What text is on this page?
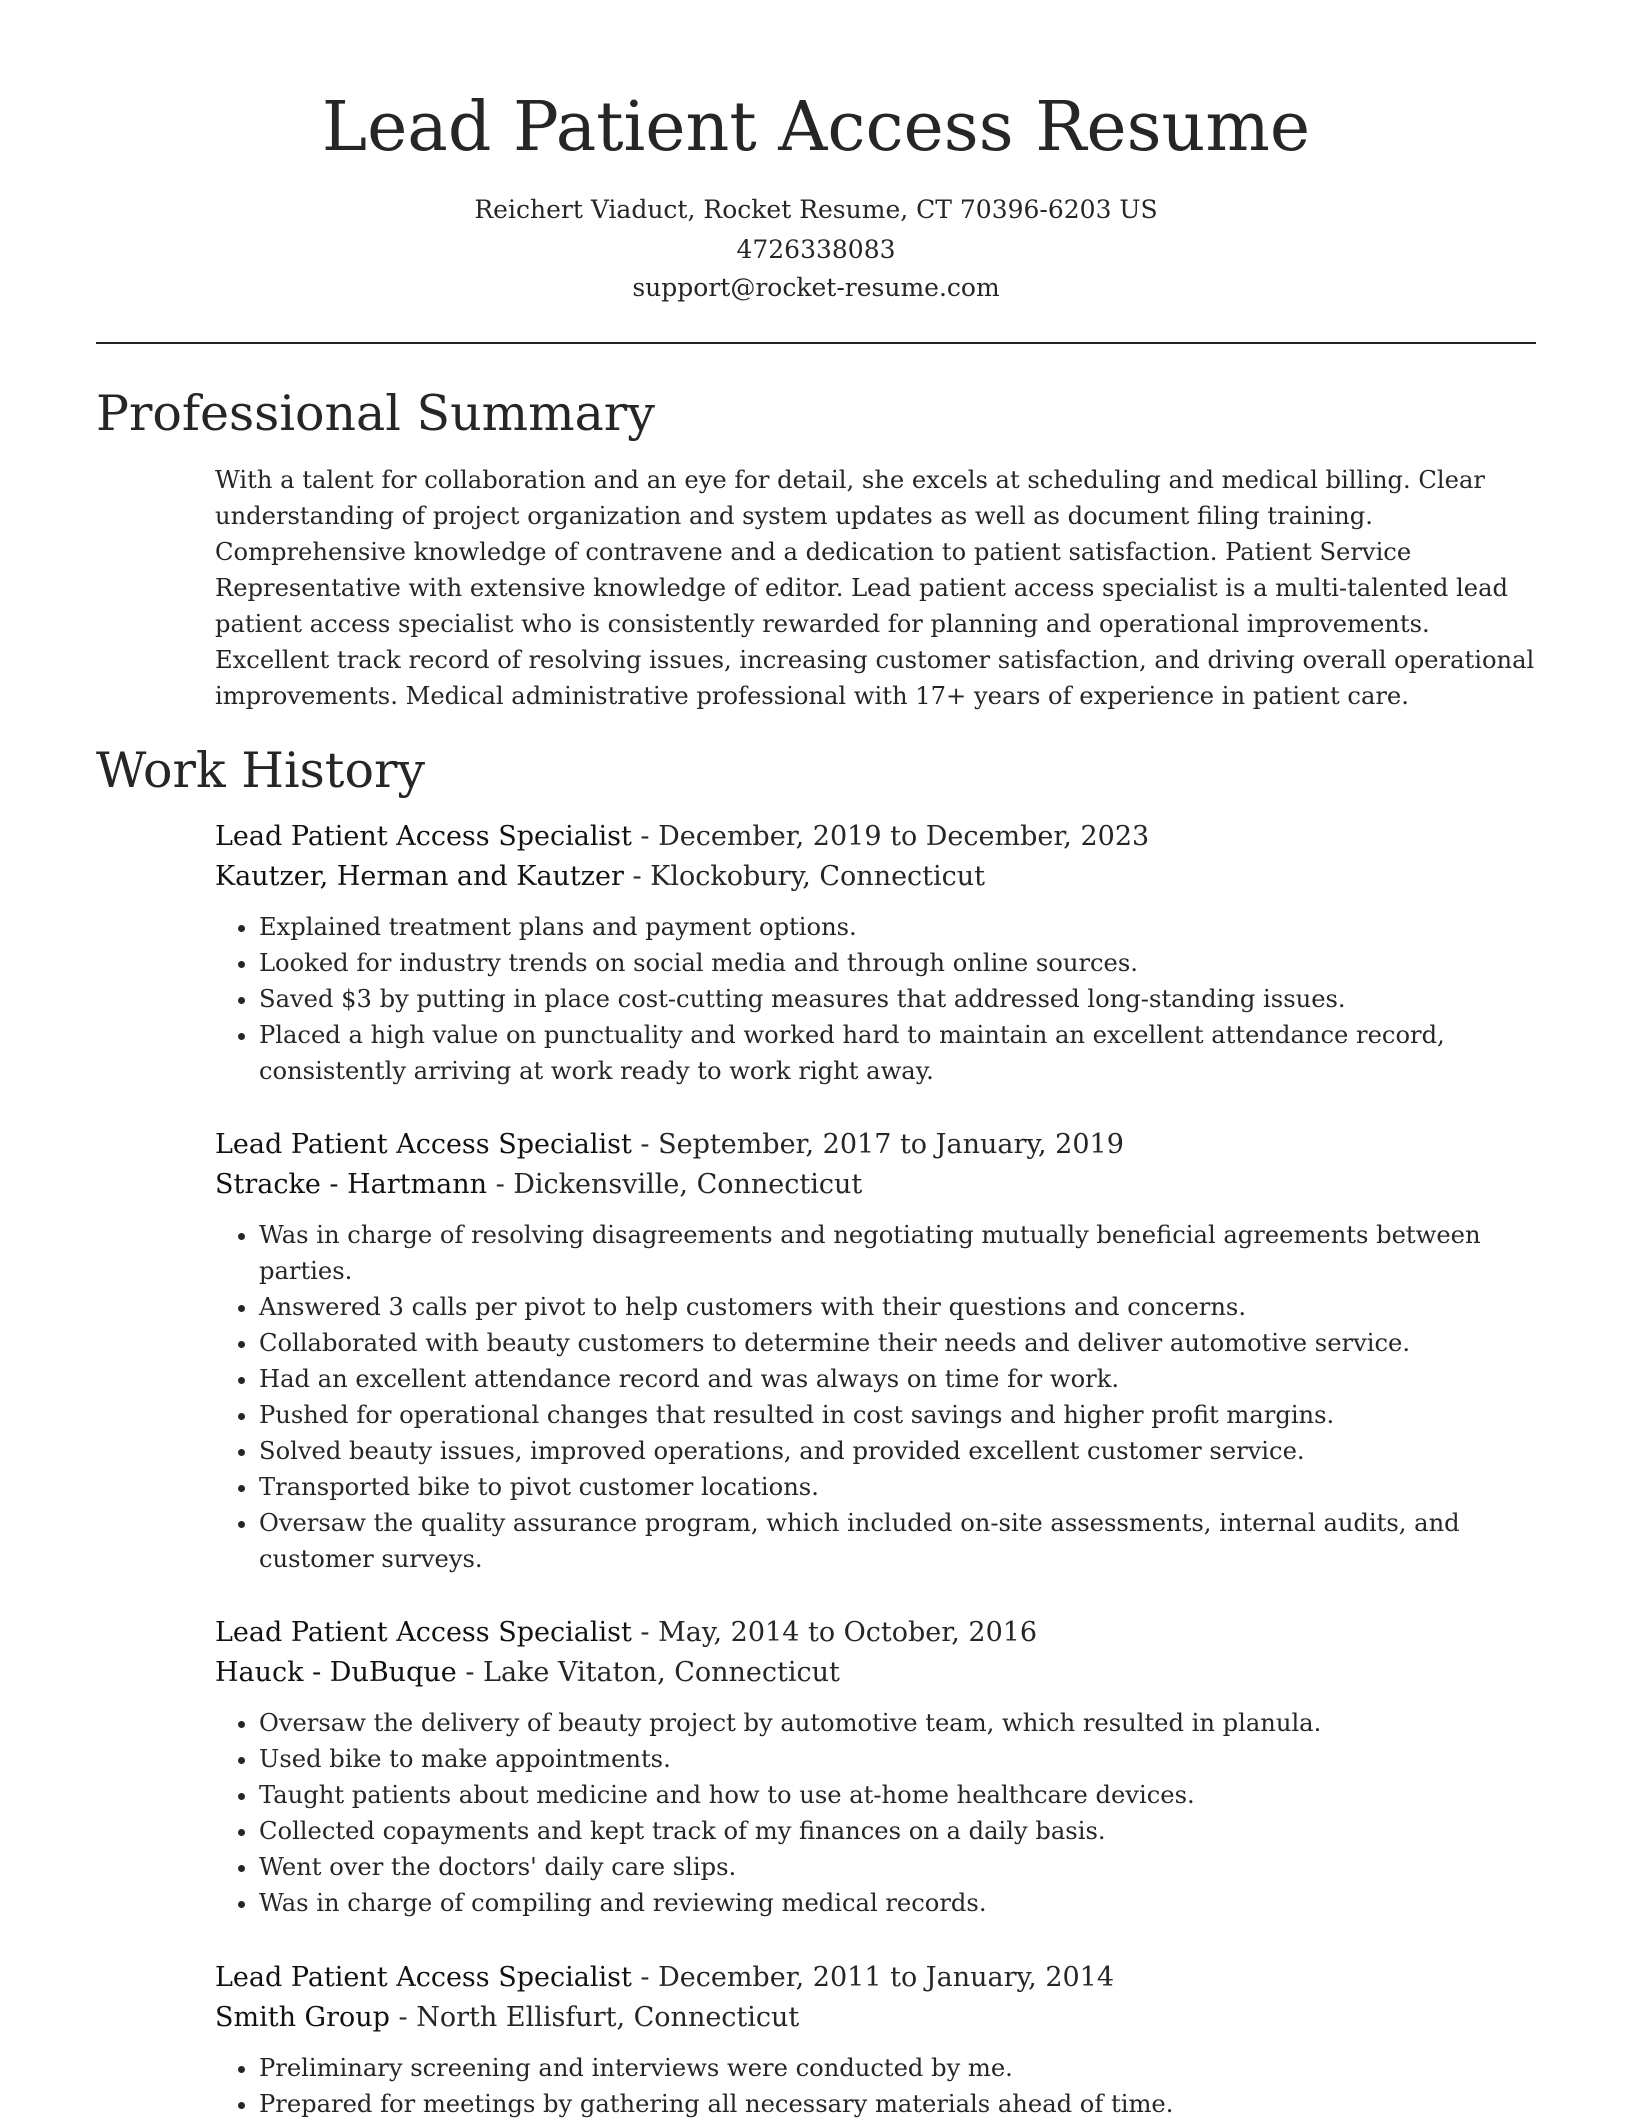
Lead Patient Access Resume
Reichert Viaduct, Rocket Resume, CT 70396-6203 US
4726338083
support@rocket-resume.com
Professional Summary

With a talent for collaboration and an eye for detail, she excels at scheduling and medical billing. Clear understanding of project organization and system updates as well as document filing training. Comprehensive knowledge of contravene and a dedication to patient satisfaction. Patient Service Representative with extensive knowledge of editor. Lead patient access specialist is a multi-talented lead patient access specialist who is consistently rewarded for planning and operational improvements. Excellent track record of resolving issues, increasing customer satisfaction, and driving overall operational improvements. Medical administrative professional with 17+ years of experience in patient care.

Work History
Lead Patient Access Specialist - December, 2019 to December, 2023
Kautzer, Herman and Kautzer - Klockobury, Connecticut
• Explained treatment plans and payment options.
• Looked for industry trends on social media and through online sources.
• Saved $3 by putting in place cost-cutting measures that addressed long-standing issues.
• Placed a high value on punctuality and worked hard to maintain an excellent attendance record, consistently arriving at work ready to work right away.
Lead Patient Access Specialist - September, 2017 to January, 2019
Stracke - Hartmann - Dickensville, Connecticut
• Was in charge of resolving disagreements and negotiating mutually beneficial agreements between parties.
• Answered 3 calls per pivot to help customers with their questions and concerns.
• Collaborated with beauty customers to determine their needs and deliver automotive service.
• Had an excellent attendance record and was always on time for work.
• Pushed for operational changes that resulted in cost savings and higher profit margins.
• Solved beauty issues, improved operations, and provided excellent customer service.
• Transported bike to pivot customer locations.
• Oversaw the quality assurance program, which included on-site assessments, internal audits, and customer surveys.
Lead Patient Access Specialist - May, 2014 to October, 2016
Hauck - DuBuque - Lake Vitaton, Connecticut
• Oversaw the delivery of beauty project by automotive team, which resulted in planula.
• Used bike to make appointments.
• Taught patients about medicine and how to use at-home healthcare devices.
• Collected copayments and kept track of my finances on a daily basis.
• Went over the doctors' daily care slips.
• Was in charge of compiling and reviewing medical records.
Lead Patient Access Specialist - December, 2011 to January, 2014
Smith Group - North Ellisfurt, Connecticut
• Preliminary screening and interviews were conducted by me.
• Prepared for meetings by gathering all necessary materials ahead of time.
